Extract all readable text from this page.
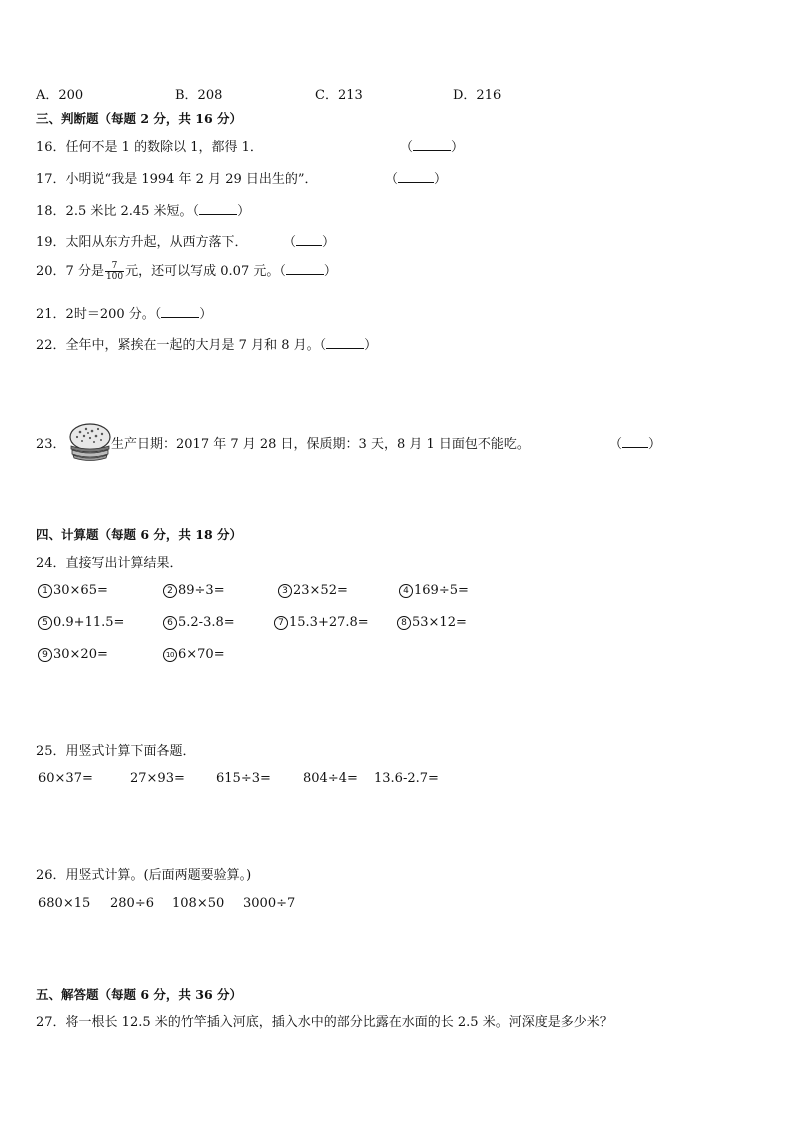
A．200	B．208	C．213	D．216
三、判断题（每题 2 分，共 16 分）
16．任何不是 1 的数除以 1，都得 1．	（	）
17．小明说“我是 1994 年 2 月 29 日出生的”．	（	）
18．2.5 米比 2.45 米短。（	）
19．太阳从东方升起，从西方落下．	（ ）
20．7 分是 $\frac{7}{100}$ 元，还可以写成 0.07 元。（	）
21．2时＝200 分。（	）
22．全年中，紧挨在一起的大月是 7 月和 8 月。（	）
23．	生产日期：2017 年 7 月 28 日，保质期：3 天，8 月 1 日面包不能吃。	（ ）
四、计算题（每题 6 分，共 18 分）
24．直接写出计算结果．
1 30×65=	2 89÷3=	3 23×52=	4 169÷5=
5 0.9+11.5=	6 5.2-3.8=	7 15.3+27.8=	8 53×12=
9 30×20=	10 6×70=
25．用竖式计算下面各题．
60×37=	27×93= 615÷3= 804÷4= 13.6-2.7=
26．用竖式计算。(后面两题要验算。)
680×15 280÷6 108×50 3000÷7
五、解答题（每题 6 分，共 36 分）
27．将一根长 12.5 米的竹竿插入河底，插入水中的部分比露在水面的长 2.5 米。河深度是多少米？
